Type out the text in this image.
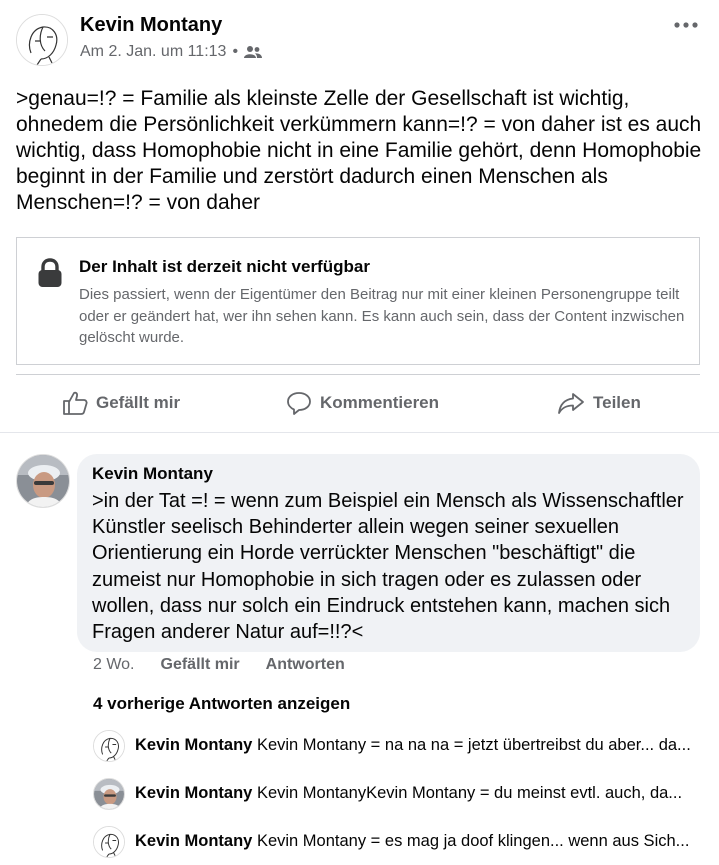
Kevin Montany
Am 2. Jan. um 11:13 •
>genau=!? = Familie als kleinste Zelle der Gesellschaft ist wichtig, ohnedem die Persönlichkeit verkümmern kann=!? = von daher ist es auch wichtig, dass Homophobie nicht in eine Familie gehört, denn Homophobie beginnt in der Familie und zerstört dadurch einen Menschen als Menschen=!? = von daher
Der Inhalt ist derzeit nicht verfügbar
Dies passiert, wenn der Eigentümer den Beitrag nur mit einer kleinen Personengruppe teilt oder er geändert hat, wer ihn sehen kann. Es kann auch sein, dass der Content inzwischen gelöscht wurde.
Gefällt mir	Kommentieren	Teilen
Kevin Montany
>in der Tat =! = wenn zum Beispiel ein Mensch als Wissenschaftler Künstler seelisch Behinderter allein wegen seiner sexuellen Orientierung ein Horde verrückter Menschen "beschäftigt" die zumeist nur Homophobie in sich tragen oder es zulassen oder wollen, dass nur solch ein Eindruck entstehen kann, machen sich Fragen anderer Natur auf=!!?<
2 Wo. Gefällt mir Antworten
4 vorherige Antworten anzeigen
Kevin Montany Kevin Montany = na na na = jetzt übertreibst du aber... da...
Kevin Montany Kevin MontanyKevin Montany = du meinst evtl. auch, da...
Kevin Montany Kevin Montany = es mag ja doof klingen... wenn aus Sich...
